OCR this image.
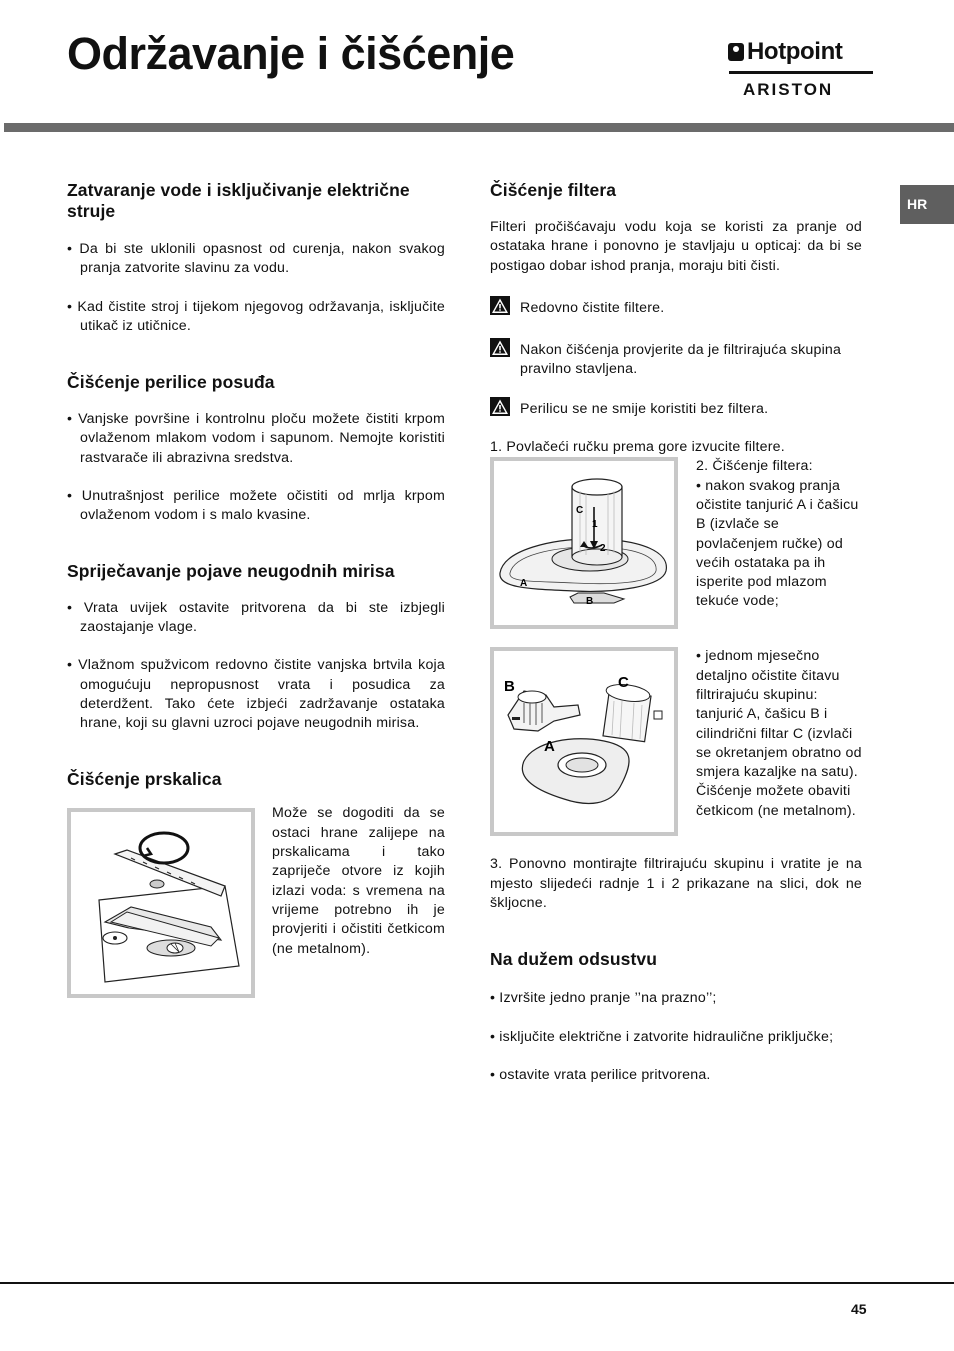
Održavanje i čišćenje	Hotpoint
ARISTON
HR
Zatvaranje vode i isključivanje električne struje

• Da bi ste uklonili opasnost od curenja, nakon svakog pranja zatvorite slavinu za vodu.

• Kad čistite stroj i tijekom njegovog održavanja, isključite utikač iz utičnice.

Čišćenje perilice posuđa

• Vanjske površine i kontrolnu ploču možete čistiti krpom ovlaženom mlakom vodom i sapunom. Nemojte koristiti rastvarače ili abrazivna sredstva.

• Unutrašnjost perilice možete očistiti od mrlja krpom ovlaženom vodom i s malo kvasine.

Spriječavanje pojave neugodnih mirisa

• Vrata uvijek ostavite pritvorena da bi ste izbjegli zaostajanje vlage.

• Vlažnom spužvicom redovno čistite vanjska brtvila koja omogućuju nepropusnost vrata i posudica za deterdžent. Tako ćete izbjeći zadržavanje ostataka hrane, koji su glavni uzroci pojave neugodnih mirisa.

Čišćenje prskalica

Može se dogoditi da se ostaci hrane zalijepe na prskalicama i tako zapriječe otvore iz kojih izlazi voda: s vremena na vrijeme potrebno ih je provjeriti i očistiti četkicom (ne metalnom).

Čišćenje filtera

Filteri pročišćavaju vodu koja se koristi za pranje od ostataka hrane i ponovno je stavljaju u opticaj: da bi se postigao dobar ishod pranja, moraju biti čisti.

Redovno čistite filtere.

Nakon čišćenja provjerite da je filtrirajuća skupina pravilno stavljena.

Perilicu se ne smije koristiti bez filtera.

1. Povlačeći ručku prema gore izvucite filtere.

C
1
2
A
B

2. Čišćenje filtera:

• nakon svakog pranja očistite tanjurić A i čašicu B (izvlače se povlačenjem ručke) od većih ostataka pa ih isperite pod mlazom tekuće vode;

B	C
A

• jednom mjesečno detaljno očistite čitavu filtrirajuću skupinu: tanjurić A, čašicu B i cilindrični filtar C (izvlači se okretanjem obratno od smjera kazaljke na satu). Čišćenje možete obaviti četkicom (ne metalnom).

3. Ponovno montirajte filtrirajuću skupinu i vratite je na mjesto slijedeći radnje 1 i 2 prikazane na slici, dok ne škljocne.

Na dužem odsustvu

• Izvršite jedno pranje ’’na prazno’’;

• isključite električne i zatvorite hidraulične priključke;

• ostavite vrata perilice pritvorena.

45
